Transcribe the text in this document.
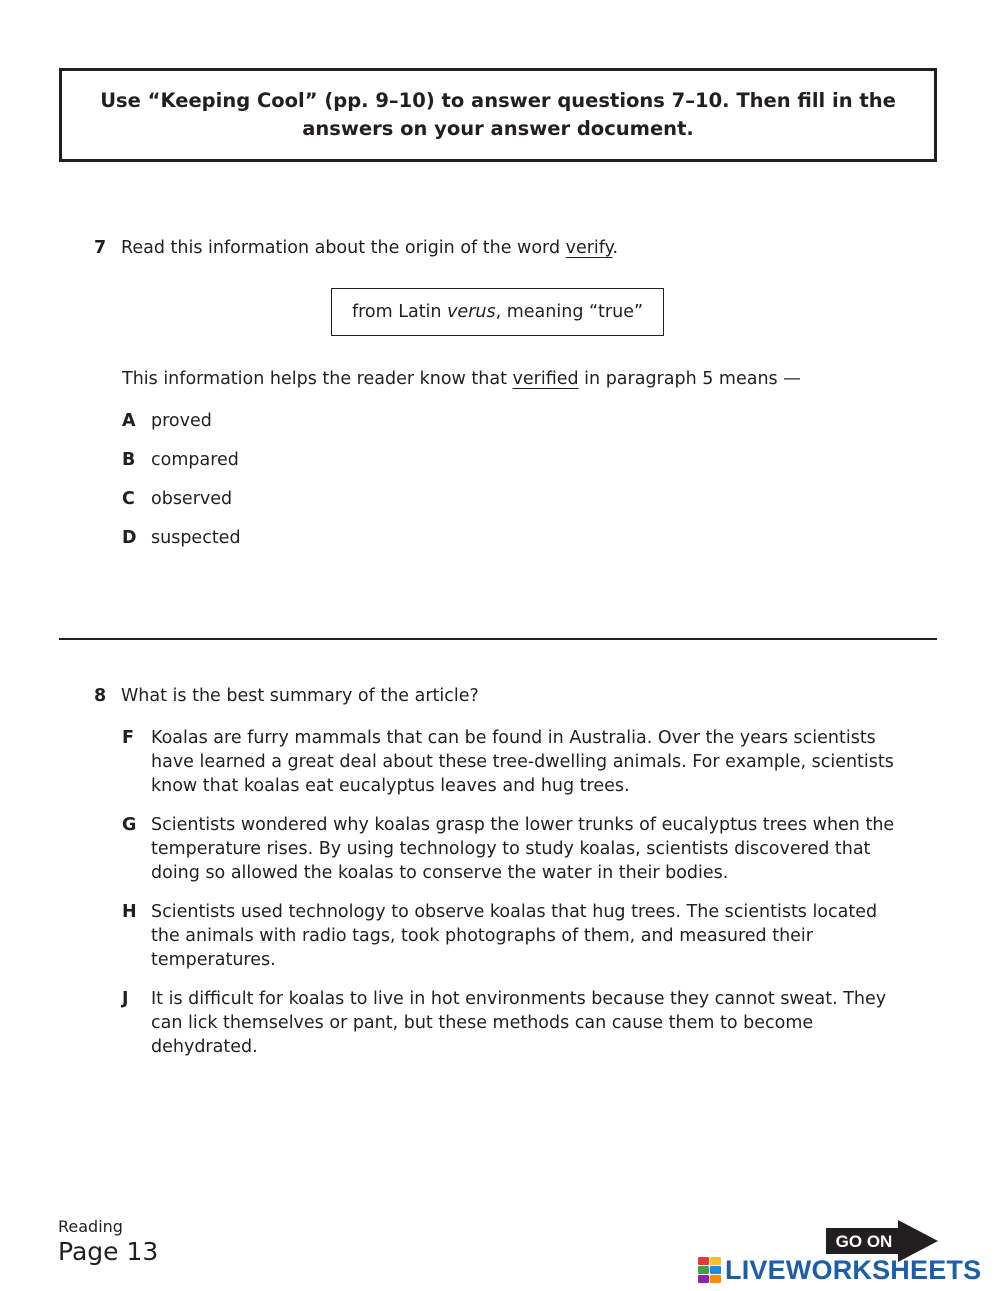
Use “Keeping Cool” (pp. 9–10) to answer questions 7–10. Then fill in the
answers on your answer document.

7 Read this information about the origin of the word verify.
from Latin verus, meaning “true”
This information helps the reader know that verified in paragraph 5 means —
A proved
B compared
C observed
D suspected
8 What is the best summary of the article?
F Koalas are furry mammals that can be found in Australia. Over the years scientists have learned a great deal about these tree-dwelling animals. For example, scientists know that koalas eat eucalyptus leaves and hug trees.
G Scientists wondered why koalas grasp the lower trunks of eucalyptus trees when the temperature rises. By using technology to study koalas, scientists discovered that doing so allowed the koalas to conserve the water in their bodies.
H Scientists used technology to observe koalas that hug trees. The scientists located the animals with radio tags, took photographs of them, and measured their temperatures.
J It is difficult for koalas to live in hot environments because they cannot sweat. They can lick themselves or pant, but these methods can cause them to become dehydrated.
Reading
Page 13	GO ON
LIVEWORKSHEETS
